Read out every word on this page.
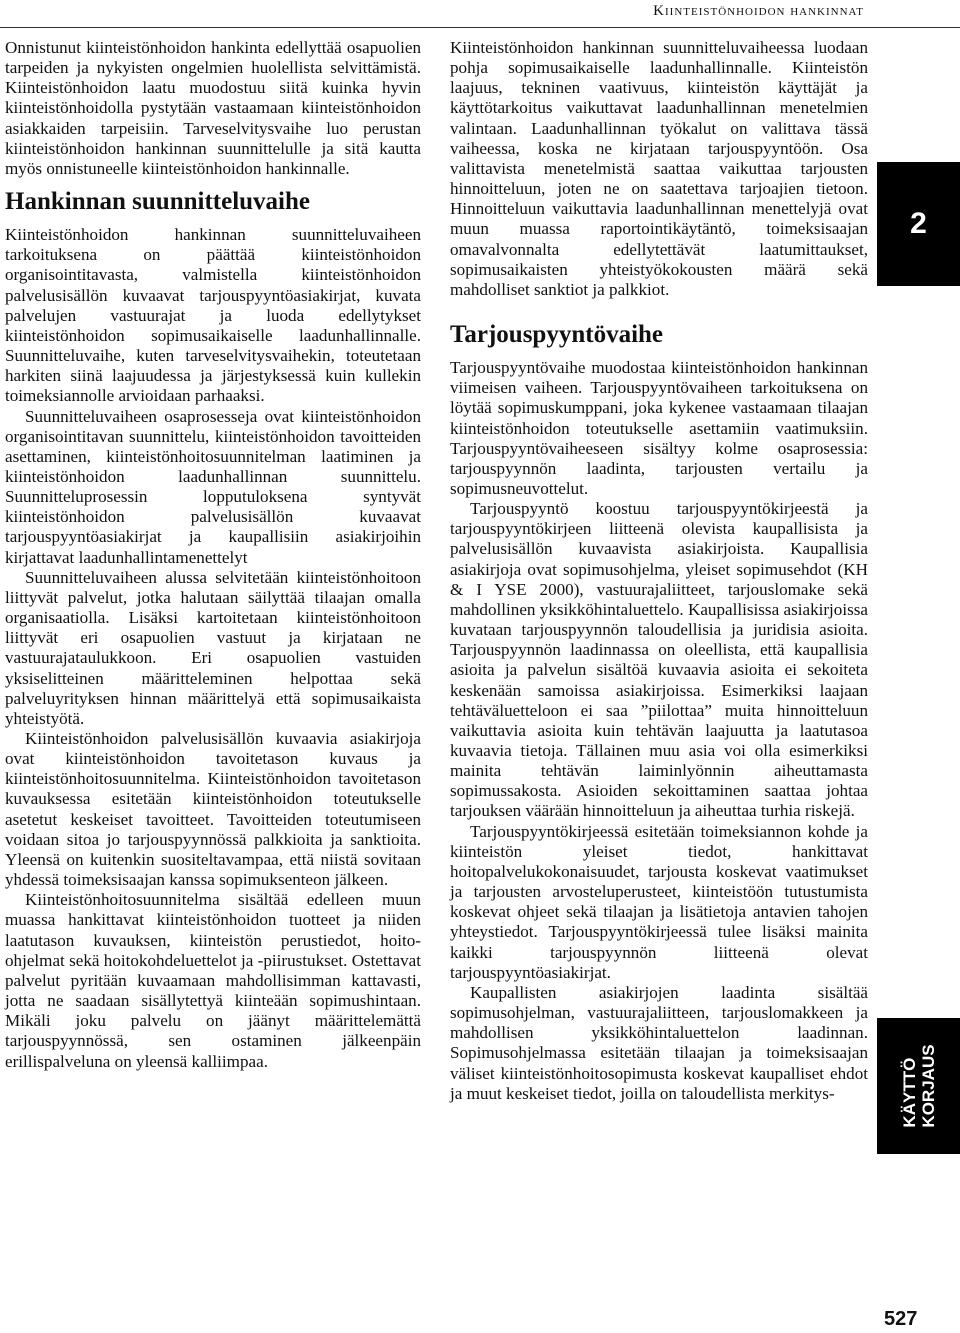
Kiinteistönhoidon hankinnat

Onnistunut kiinteistönhoidon hankinta edellyttää osapuolien tarpeiden ja nykyisten ongelmien huolellista selvittämistä. Kiinteistönhoidon laatu muodostuu siitä kuinka hyvin kiinteistönhoidolla pystytään vastaamaan kiinteistönhoidon asiakkaiden tarpeisiin. Tarveselvitysvaihe luo perustan kiinteistönhoidon hankinnan suunnittelulle ja sitä kautta myös onnistuneelle kiinteistönhoidon hankinnalle.

Hankinnan suunnitteluvaihe

Kiinteistönhoidon hankinnan suunnitteluvaiheen tarkoituksena on päättää kiinteistönhoidon organisointitavasta, valmistella kiinteistönhoidon palvelusisällön kuvaavat tarjouspyyntöasiakirjat, kuvata palvelujen vastuurajat ja luoda edellytykset kiinteistönhoidon sopimusaikaiselle laadunhallinnalle. Suunnitteluvaihe, kuten tarveselvitysvaihekin, toteutetaan harkiten siinä laajuudessa ja järjestyksessä kuin kullekin toimeksiannolle arvioidaan parhaaksi.

Suunnitteluvaiheen osaprosesseja ovat kiinteistönhoidon organisointitavan suunnittelu, kiinteistönhoidon tavoitteiden asettaminen, kiinteistönhoitosuunnitelman laatiminen ja kiinteistönhoidon laadunhallinnan suunnittelu. Suunnitteluprosessin lopputuloksena syntyvät kiinteistönhoidon palvelusisällön kuvaavat tarjouspyyntöasiakirjat ja kaupallisiin asiakirjoihin kirjattavat laadunhallintamenettelyt

Suunnitteluvaiheen alussa selvitetään kiinteistönhoitoon liittyvät palvelut, jotka halutaan säilyttää tilaajan omalla organisaatiolla. Lisäksi kartoitetaan kiinteistönhoitoon liittyvät eri osapuolien vastuut ja kirjataan ne vastuurajataulukkoon. Eri osapuolien vastuiden yksiselitteinen määritteleminen helpottaa sekä palveluyrityksen hinnan määrittelyä että sopimusaikaista yhteistyötä.

Kiinteistönhoidon palvelusisällön kuvaavia asiakirjoja ovat kiinteistönhoidon tavoitetason kuvaus ja kiinteistönhoitosuunnitelma. Kiinteistönhoidon tavoitetason kuvauksessa esitetään kiinteistönhoidon toteutukselle asetetut keskeiset tavoitteet. Tavoitteiden toteutumiseen voidaan sitoa jo tarjouspyynnössä palkkioita ja sanktioita. Yleensä on kuitenkin suositeltavampaa, että niistä sovitaan yhdessä toimeksisaajan kanssa sopimuksenteon jälkeen.

Kiinteistönhoitosuunnitelma sisältää edelleen muun muassa hankittavat kiinteistönhoidon tuotteet ja niiden laatutason kuvauksen, kiinteistön perustiedot, hoito-ohjelmat sekä hoitokohdeluettelot ja -piirustukset. Ostettavat palvelut pyritään kuvaamaan mahdollisimman kattavasti, jotta ne saadaan sisällytettyä kiinteään sopimushintaan. Mikäli joku palvelu on jäänyt määrittelemättä tarjouspyynnössä, sen ostaminen jälkeenpäin erillispalveluna on yleensä kalliimpaa.

Kiinteistönhoidon hankinnan suunnitteluvaiheessa luodaan pohja sopimusaikaiselle laadunhallinnalle. Kiinteistön laajuus, tekninen vaativuus, kiinteistön käyttäjät ja käyttötarkoitus vaikuttavat laadunhallinnan menetelmien valintaan. Laadunhallinnan työkalut on valittava tässä vaiheessa, koska ne kirjataan tarjouspyyntöön. Osa valittavista menetelmistä saattaa vaikuttaa tarjousten hinnoitteluun, joten ne on saatettava tarjoajien tietoon. Hinnoitteluun vaikuttavia laadunhallinnan menettelyjä ovat muun muassa raportointikäytäntö, toimeksisaajan omavalvonnalta edellytettävät laatumittaukset, sopimusaikaisten yhteistyökokousten määrä sekä mahdolliset sanktiot ja palkkiot.

Tarjouspyyntövaihe

Tarjouspyyntövaihe muodostaa kiinteistönhoidon hankinnan viimeisen vaiheen. Tarjouspyyntövaiheen tarkoituksena on löytää sopimuskumppani, joka kykenee vastaamaan tilaajan kiinteistönhoidon toteutukselle asettamiin vaatimuksiin. Tarjouspyyntövaiheeseen sisältyy kolme osaprosessia: tarjouspyynnön laadinta, tarjousten vertailu ja sopimusneuvottelut.

Tarjouspyyntö koostuu tarjouspyyntökirjeestä ja tarjouspyyntökirjeen liitteenä olevista kaupallisista ja palvelusisällön kuvaavista asiakirjoista. Kaupallisia asiakirjoja ovat sopimusohjelma, yleiset sopimusehdot (KH & I YSE 2000), vastuurajaliitteet, tarjouslomake sekä mahdollinen yksikköhintaluettelo. Kaupallisissa asiakirjoissa kuvataan tarjouspyynnön taloudellisia ja juridisia asioita. Tarjouspyynnön laadinnassa on oleellista, että kaupallisia asioita ja palvelun sisältöä kuvaavia asioita ei sekoiteta keskenään samoissa asiakirjoissa. Esimerkiksi laajaan tehtäväluetteloon ei saa ”piilottaa” muita hinnoitteluun vaikuttavia asioita kuin tehtävän laajuutta ja laatutasoa kuvaavia tietoja. Tällainen muu asia voi olla esimerkiksi mainita tehtävän laiminlyönnin aiheuttamasta sopimussakosta. Asioiden sekoittaminen saattaa johtaa tarjouksen väärään hinnoitteluun ja aiheuttaa turhia riskejä.

Tarjouspyyntökirjeessä esitetään toimeksiannon kohde ja kiinteistön yleiset tiedot, hankittavat hoitopalvelukokonaisuudet, tarjousta koskevat vaatimukset ja tarjousten arvosteluperusteet, kiinteistöön tutustumista koskevat ohjeet sekä tilaajan ja lisätietoja antavien tahojen yhteystiedot. Tarjouspyyntökirjeessä tulee lisäksi mainita kaikki tarjouspyynnön liitteenä olevat tarjouspyyntöasiakirjat.

Kaupallisten asiakirjojen laadinta sisältää sopimusohjelman, vastuurajaliitteen, tarjouslomakkeen ja mahdollisen yksikköhintaluettelon laadinnan. Sopimusohjelmassa esitetään tilaajan ja toimeksisaajan väliset kiinteistönhoitosopimusta koskevat kaupalliset ehdot ja muut keskeiset tiedot, joilla on taloudellista merkitys-

2
KÄYTTÖ KORJAUS
527
